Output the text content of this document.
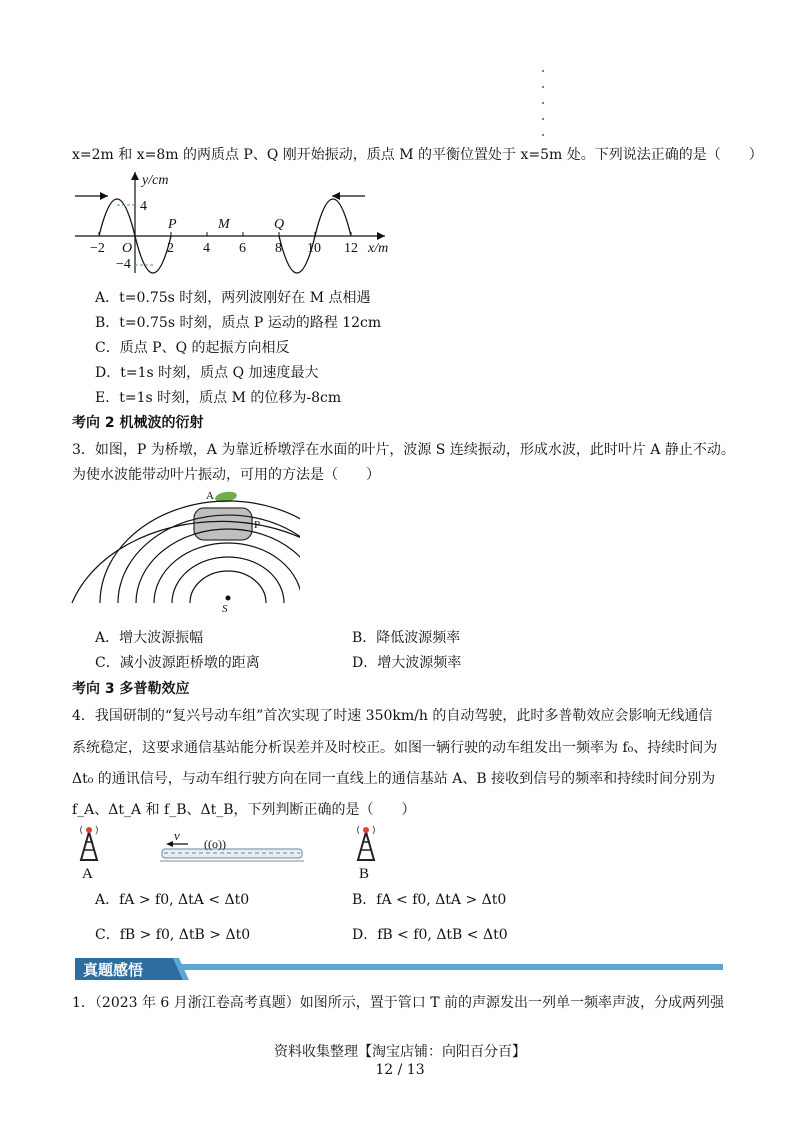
x=2m 和 x=8m 的两质点 P、Q 刚开始振动，质点 M 的平衡位置处于 x=5m 处。下列说法正确的是（　　）
y/cm
x/m
4
−4
−2 O 2 4 6 8 10 12
P	M	Q
A．t=0.75s 时刻，两列波刚好在 M 点相遇
B．t=0.75s 时刻，质点 P 运动的路程 12cm
C．质点 P、Q 的起振方向相反
D．t=1s 时刻，质点 Q 加速度最大
E．t=1s 时刻，质点 M 的位移为-8cm
考向 2 机械波的衍射
3．如图，P 为桥墩，A 为靠近桥墩浮在水面的叶片，波源 S 连续振动，形成水波，此时叶片 A 静止不动。
为使水波能带动叶片振动，可用的方法是（　　）
A
P
S
A．增大波源振幅	B．降低波源频率
C．减小波源距桥墩的距离	D．增大波源频率
考向 3 多普勒效应
4．我国研制的“复兴号动车组”首次实现了时速 350km/h 的自动驾驶，此时多普勒效应会影响无线通信
系统稳定，这要求通信基站能分析误差并及时校正。如图一辆行驶的动车组发出一频率为 f₀、持续时间为
Δt₀ 的通讯信号，与动车组行驶方向在同一直线上的通信基站 A、B 接收到信号的频率和持续时间分别为
f_A、Δt_A 和 f_B、Δt_B，下列判断正确的是（　　）
v
((o))
A	B
A．fA > f0, ΔtA < Δt0	B．fA < f0, ΔtA > Δt0
C．fB > f0, ΔtB > Δt0	D．fB < f0, ΔtB < Δt0
真题感悟
1．（2023 年 6 月浙江卷高考真题）如图所示，置于管口 T 前的声源发出一列单一频率声波，分成两列强
资料收集整理【淘宝店铺：向阳百分百】
12 / 13
